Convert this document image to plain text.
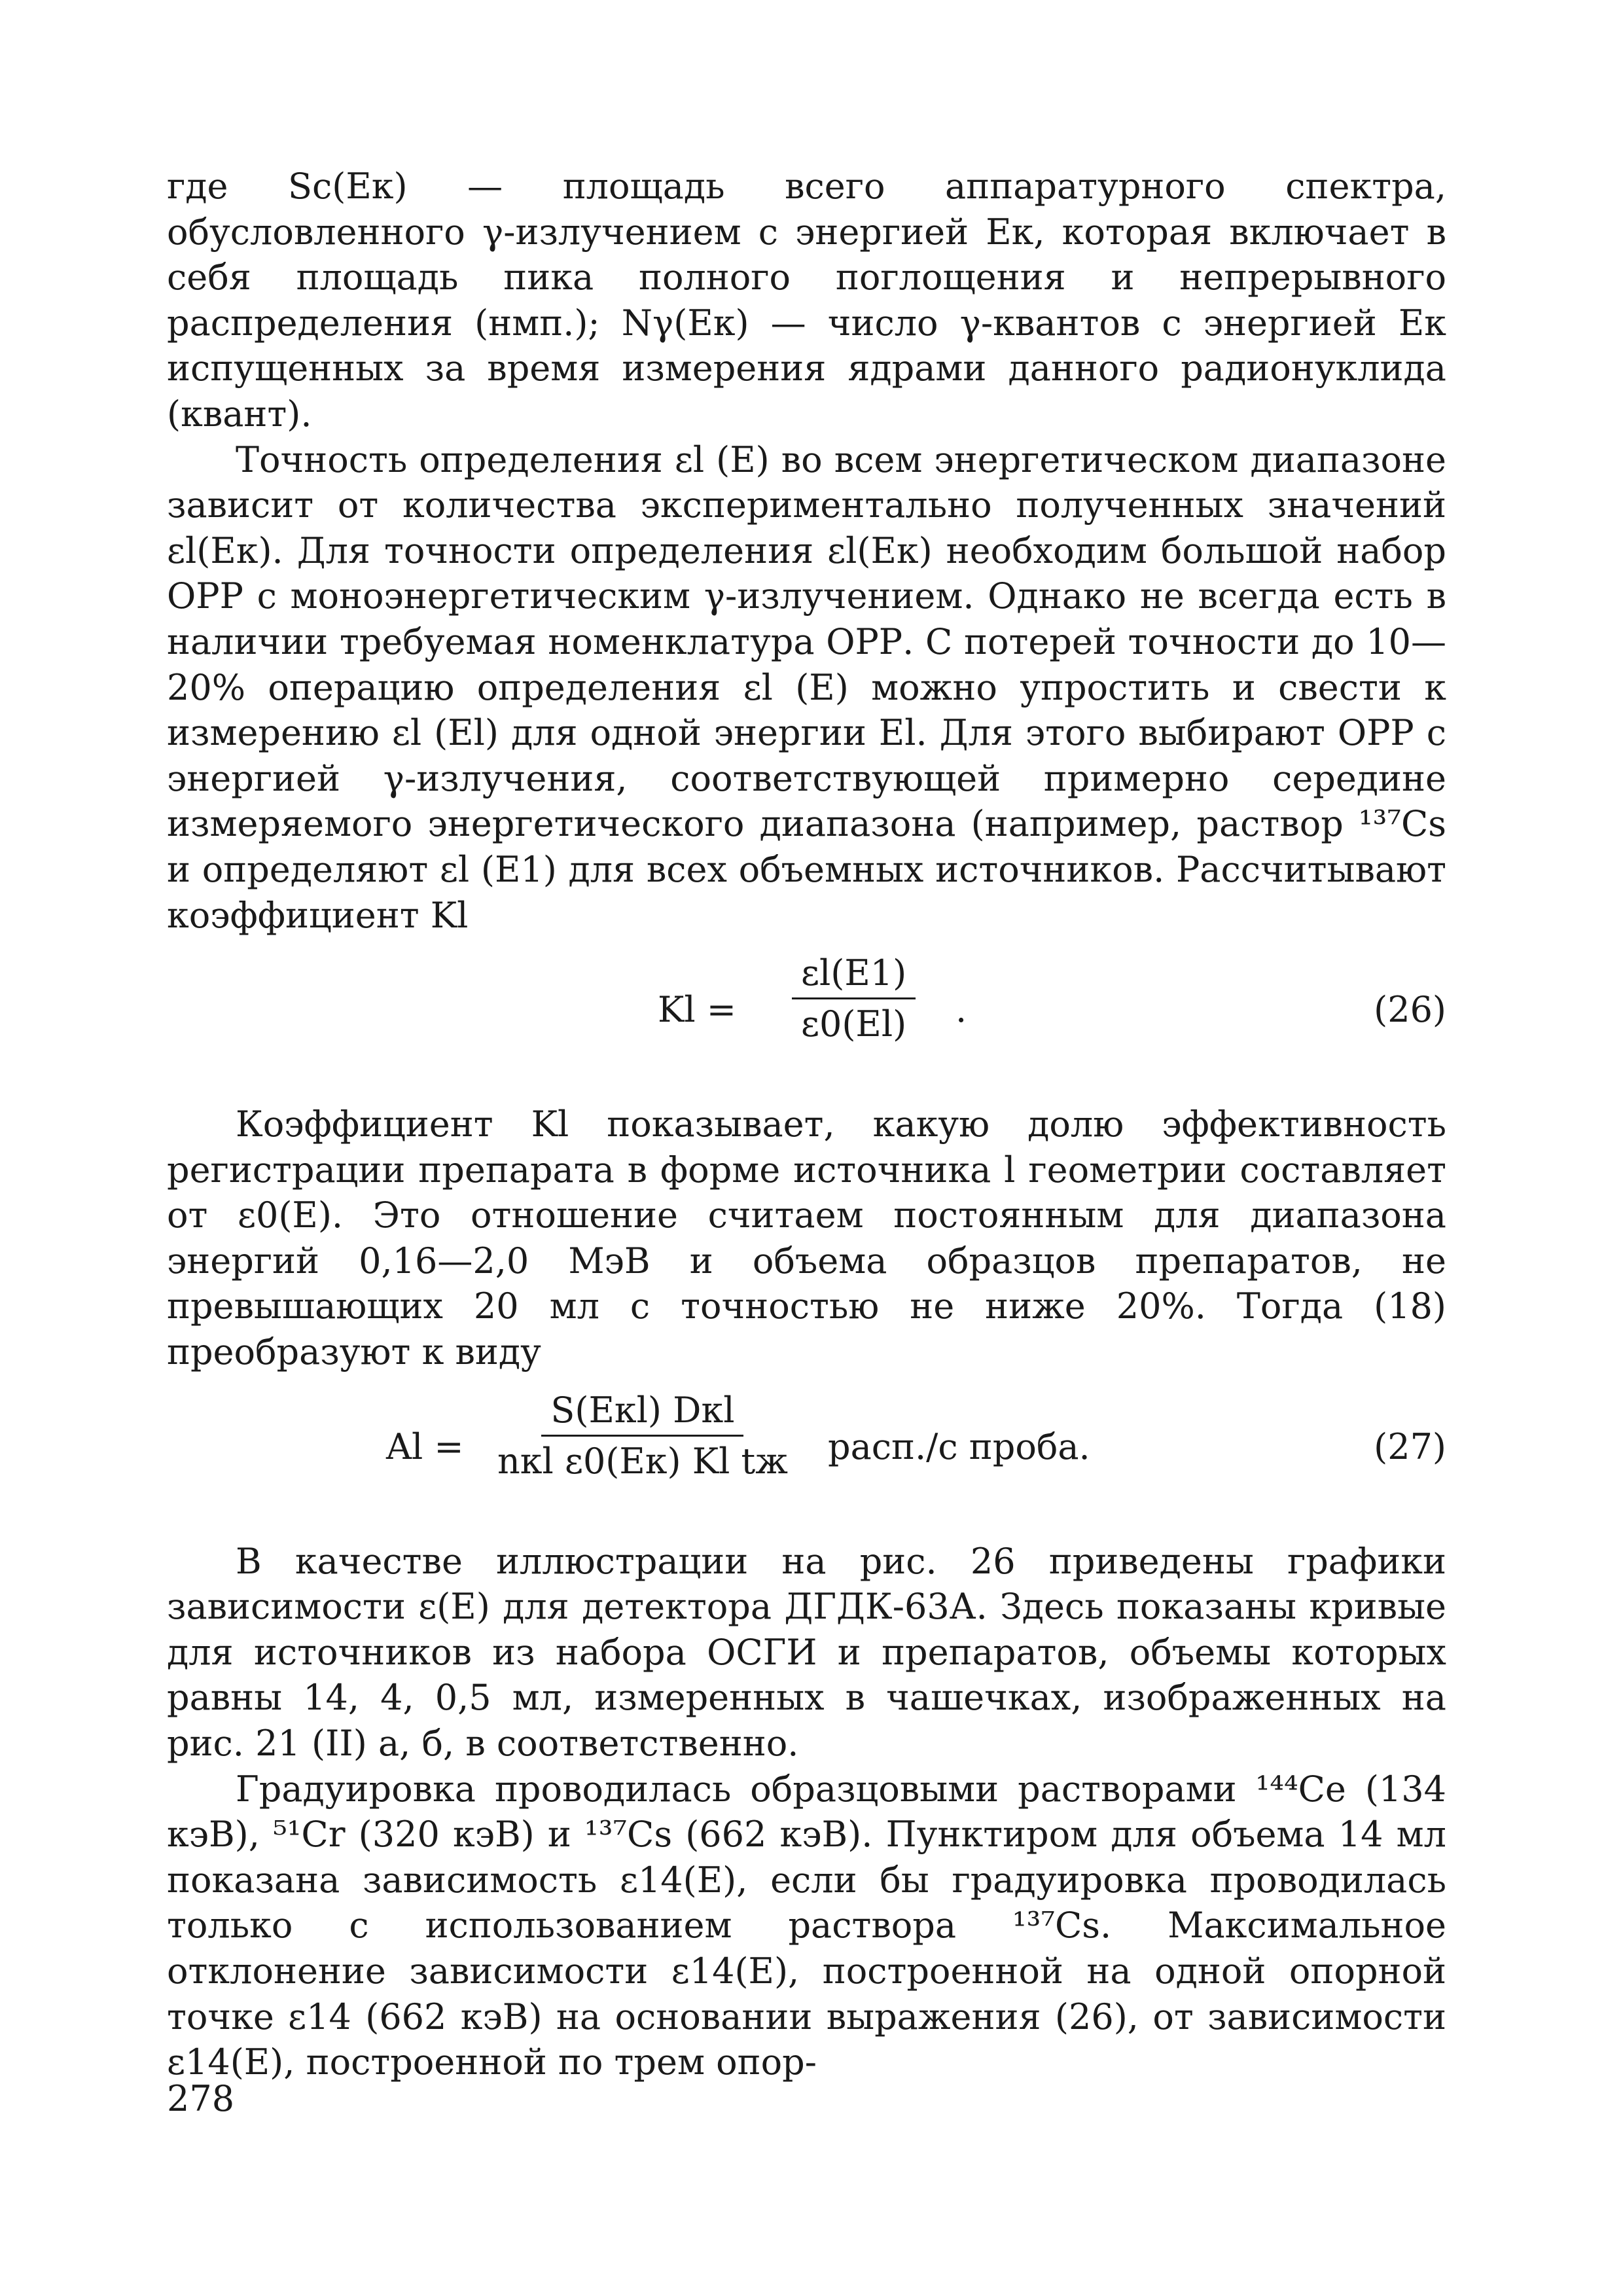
где Sс(Eк) — площадь всего аппаратурного спектра, обусловленного γ-излучением с энергией Eк, которая включает в себя площадь пика полного поглощения и непрерывного распределения (нмп.); Nγ(Eк) — число γ-квантов с энергией Eк испущенных за время измерения ядрами данного радионуклида (квант).

Точность определения εl (E) во всем энергетическом диапазоне зависит от количества экспериментально полученных значений εl(Eк). Для точности определения εl(Eк) необходим большой набор ОРР с моноэнергетическим γ-излучением. Однако не всегда есть в наличии требуемая номенклатура ОРР. С потерей точности до 10—20% операцию определения εl (E) можно упростить и свести к измерению εl (El) для одной энергии El. Для этого выбирают ОРР с энергией γ-излучения, соответствующей примерно середине измеряемого энергетического диапазона (например, раствор ¹³⁷Cs и определяют εl (E1) для всех объемных источников. Рассчитывают коэффициент Kl

$Kl = \frac{\varepsilon l(E1)}{\varepsilon 0(El)}$ .	(26)

Коэффициент Kl показывает, какую долю эффективность регистрации препарата в форме источника l геометрии составляет от ε0(E). Это отношение считаем постоянным для диапазона энергий 0,16—2,0 МэВ и объема образцов препаратов, не превышающих 20 мл с точностью не ниже 20%. Тогда (18) преобразуют к виду

Al =
S(Eкl) Dкl
nкl ε0(Eк) Kl tж расп./с проба.	(27)

В качестве иллюстрации на рис. 26 приведены графики зависимости ε(E) для детектора ДГДК-63А. Здесь показаны кривые для источников из набора ОСГИ и препаратов, объемы которых равны 14, 4, 0,5 мл, измеренных в чашечках, изображенных на рис. 21 (II) а, б, в соответственно.

Градуировка проводилась образцовыми растворами ¹⁴⁴Ce (134 кэВ), ⁵¹Cr (320 кэВ) и ¹³⁷Cs (662 кэВ). Пунктиром для объема 14 мл показана зависимость ε14(E), если бы градуировка проводилась только с использованием раствора ¹³⁷Cs. Максимальное отклонение зависимости ε14(E), построенной на одной опорной точке ε14 (662 кэВ) на основании выражения (26), от зависимости ε14(E), построенной по трем опор-

278
